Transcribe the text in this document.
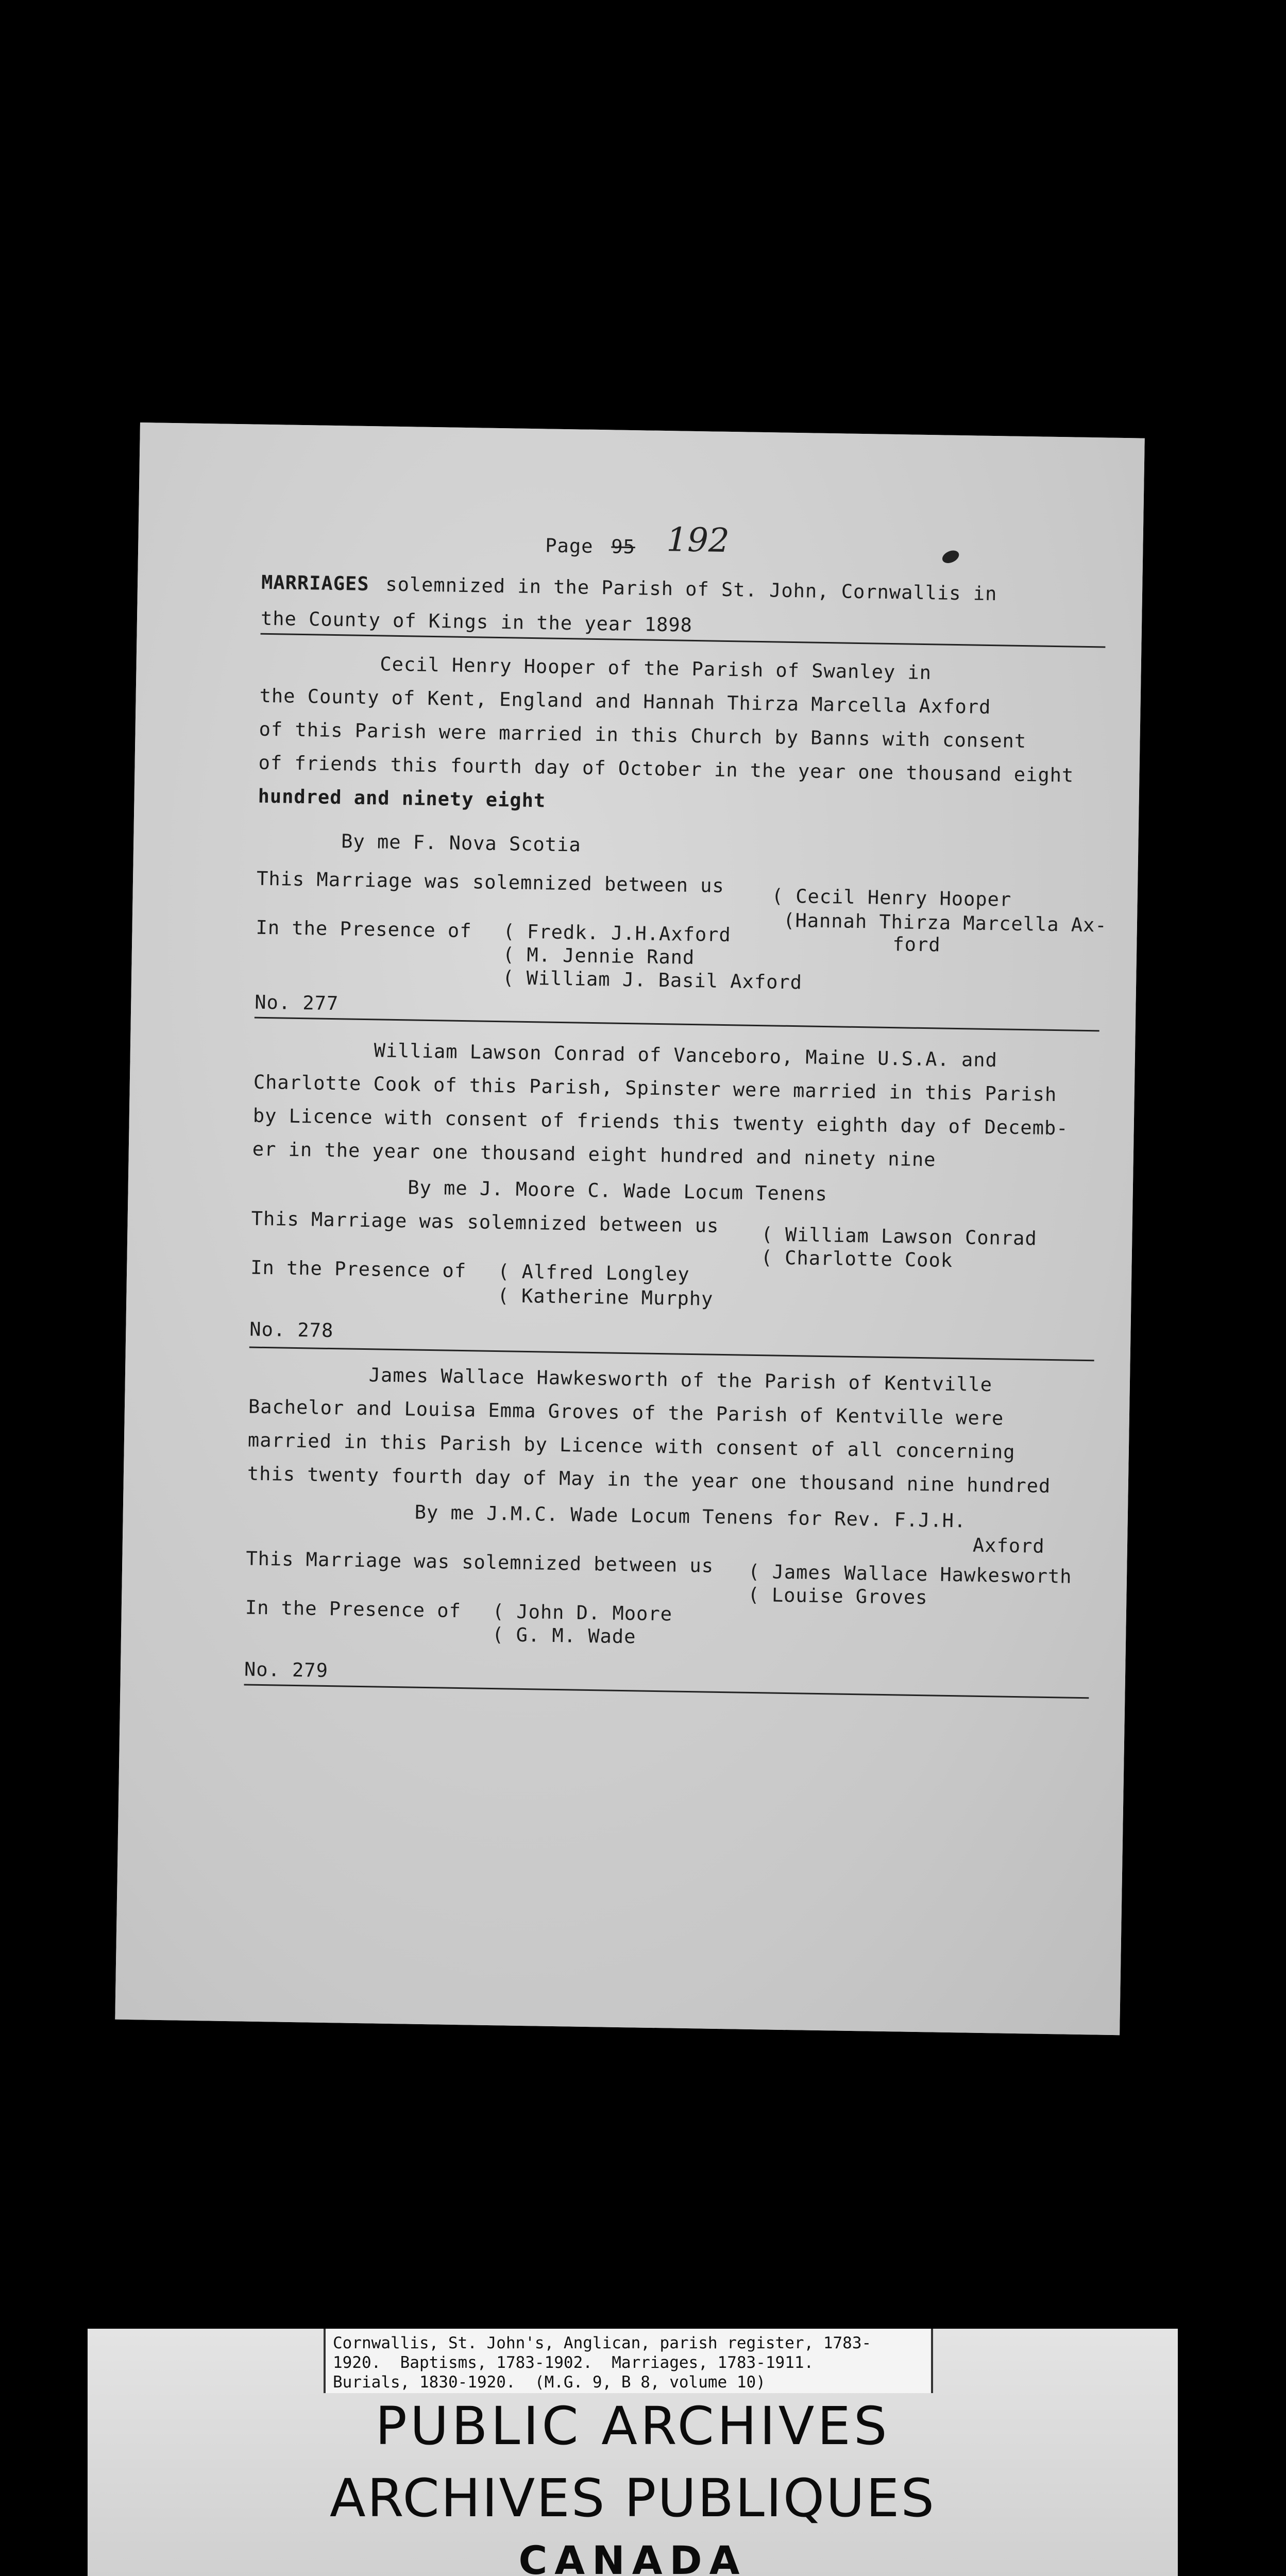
Page 95 192
MARRIAGES solemnized in the Parish of St. John, Cornwallis in
the County of Kings in the year 1898
Cecil Henry Hooper of the Parish of Swanley in
the County of Kent, England and Hannah Thirza Marcella Axford
of this Parish were married in this Church by Banns with consent
of friends this fourth day of October in the year one thousand eight
hundred and ninety eight
By me F. Nova Scotia
This Marriage was solemnized between us
( Cecil Henry Hooper
(Hannah Thirza Marcella Ax-
ford
In the Presence of ( Fredk. J.H.Axford
( M. Jennie Rand
( William J. Basil Axford
No. 277
William Lawson Conrad of Vanceboro, Maine U.S.A. and
Charlotte Cook of this Parish, Spinster were married in this Parish
by Licence with consent of friends this twenty eighth day of Decemb-
er in the year one thousand eight hundred and ninety nine
By me J. Moore C. Wade Locum Tenens
This Marriage was solemnized between us ( William Lawson Conrad
( Charlotte Cook
In the Presence of ( Alfred Longley
( Katherine Murphy
No. 278
James Wallace Hawkesworth of the Parish of Kentville
Bachelor and Louisa Emma Groves of the Parish of Kentville were
married in this Parish by Licence with consent of all concerning
this twenty fourth day of May in the year one thousand nine hundred
By me J.M.C. Wade Locum Tenens for Rev. F.J.H.
Axford
This Marriage was solemnized between us ( James Wallace Hawkesworth
( Louise Groves
In the Presence of ( John D. Moore
( G. M. Wade
No. 279
Cornwallis, St. John's, Anglican, parish register, 1783-
1920.  Baptisms, 1783-1902.  Marriages, 1783-1911.
Burials, 1830-1920.  (M.G. 9, B 8, volume 10)
PUBLIC ARCHIVES
ARCHIVES PUBLIQUES
CANADA
